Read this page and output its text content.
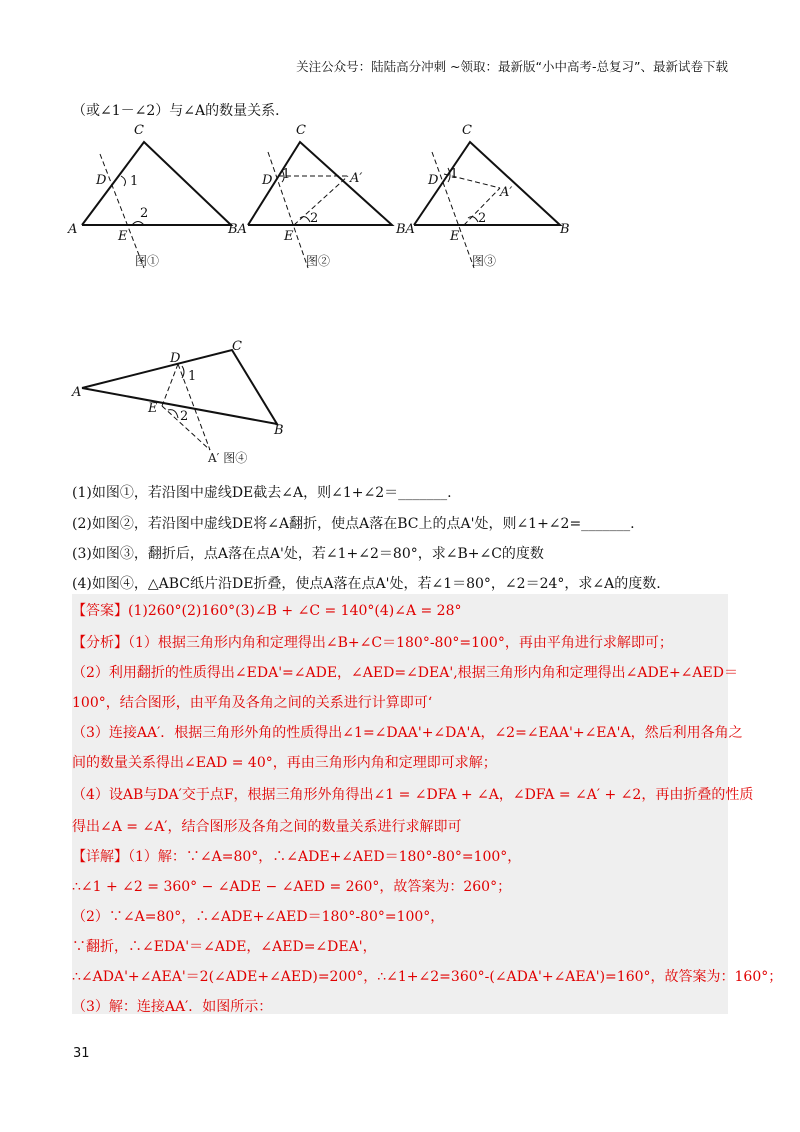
关注公众号：陆陆高分冲刺 ~领取：最新版“小中高考-总复习”、最新试卷下载
（或∠1－∠2）与∠A的数量关系．
C
D 1
2
A	E	BA
图①
C
D 1
2
A′
E	BA
图②
C
D 1
2
A′
E	B
图③
D
C
1
A
E
2
B
A′ 图④
(1)如图①，若沿图中虚线DE截去∠A，则∠1+∠2＝_______.
(2)如图②，若沿图中虚线DE将∠A翻折，使点A落在BC上的点A'处，则∠1+∠2=_______.
(3)如图③，翻折后，点A落在点A'处，若∠1+∠2＝80°，求∠B+∠C的度数
(4)如图④，△ABC纸片沿DE折叠，使点A落在点A'处，若∠1＝80°，∠2＝24°，求∠A的度数.
【答案】(1)260°(2)160°(3)∠B + ∠C = 140°(4)∠A = 28°
【分析】（1）根据三角形内角和定理得出∠B+∠C＝180°-80°=100°，再由平角进行求解即可；
（2）利用翻折的性质得出∠EDA'=∠ADE，∠AED=∠DEA',根据三角形内角和定理得出∠ADE+∠AED＝
100°，结合图形，由平角及各角之间的关系进行计算即可‘
（3）连接AA′．根据三角形外角的性质得出∠1=∠DAA'+∠DA'A，∠2=∠EAA'+∠EA'A，然后利用各角之
间的数量关系得出∠EAD = 40°，再由三角形内角和定理即可求解；
（4）设AB与DA′交于点F，根据三角形外角得出∠1 = ∠DFA + ∠A，∠DFA = ∠A′ + ∠2，再由折叠的性质
得出∠A = ∠A′，结合图形及各角之间的数量关系进行求解即可
【详解】（1）解：∵∠A=80°，∴∠ADE+∠AED＝180°-80°=100°，
∴∠1 + ∠2 = 360° − ∠ADE − ∠AED = 260°，故答案为：260°；
（2）∵∠A=80°，∴∠ADE+∠AED＝180°-80°=100°，
∵翻折，∴∠EDA'＝∠ADE，∠AED=∠DEA'，
∴∠ADA'+∠AEA'＝2(∠ADE+∠AED)=200°，∴∠1+∠2=360°-(∠ADA'+∠AEA')=160°，故答案为：160°；
（3）解：连接AA′．如图所示：
31
